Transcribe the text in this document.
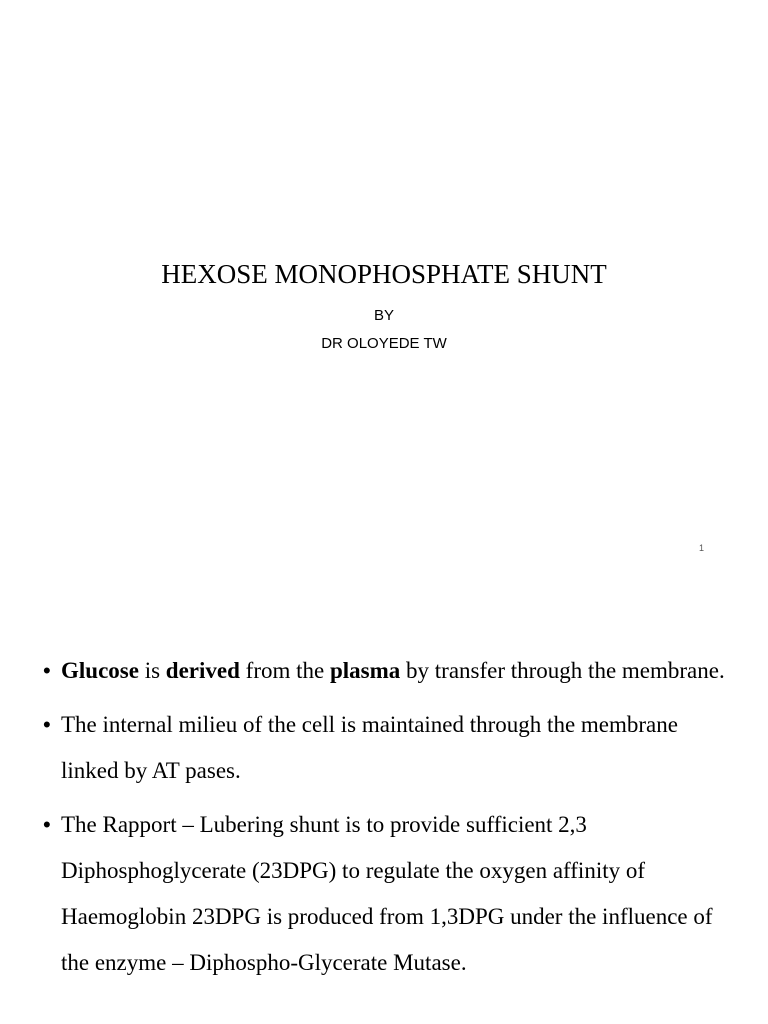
HEXOSE MONOPHOSPHATE SHUNT
BY
DR OLOYEDE TW
1
• Glucose is derived from the plasma by transfer through the membrane.
• The internal milieu of the cell is maintained through the membrane linked by AT pases.
• The Rapport – Lubering shunt is to provide sufficient 2,3 Diphosphoglycerate (23DPG) to regulate the oxygen affinity of Haemoglobin 23DPG is produced from 1,3DPG under the influence of the enzyme – Diphospho-Glycerate Mutase.
